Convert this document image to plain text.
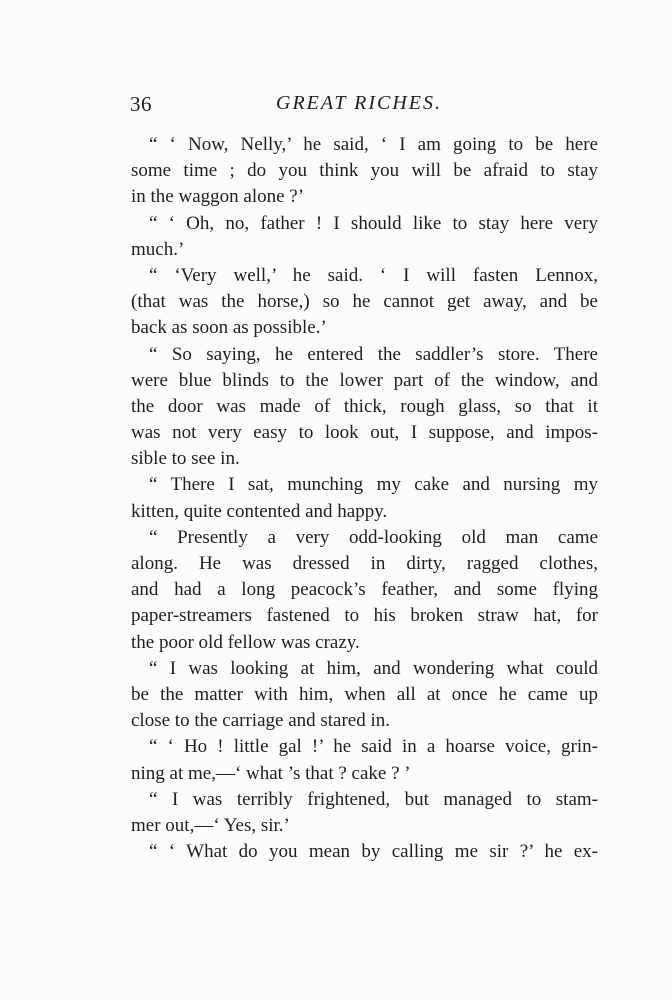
36	GREAT RICHES.
“ ‘ Now, Nelly,’ he said, ‘ I am going to be here
some time ; do you think you will be afraid to stay
in the waggon alone ?’
“ ‘ Oh, no, father ! I should like to stay here very
much.’
“ ‘Very well,’ he said. ‘ I will fasten Lennox,
(that was the horse,) so he cannot get away, and be
back as soon as possible.’
“ So saying, he entered the saddler’s store. There
were blue blinds to the lower part of the window, and
the door was made of thick, rough glass, so that it
was not very easy to look out, I suppose, and impos-
sible to see in.
“ There I sat, munching my cake and nursing my
kitten, quite contented and happy.
“ Presently a very odd-looking old man came
along. He was dressed in dirty, ragged clothes,
and had a long peacock’s feather, and some flying
paper-streamers fastened to his broken straw hat, for
the poor old fellow was crazy.
“ I was looking at him, and wondering what could
be the matter with him, when all at once he came up
close to the carriage and stared in.
“ ‘ Ho ! little gal !’ he said in a hoarse voice, grin-
ning at me,—‘ what ’s that ? cake ? ’
“ I was terribly frightened, but managed to stam-
mer out,—‘ Yes, sir.’
“ ‘ What do you mean by calling me sir ?’ he ex-
